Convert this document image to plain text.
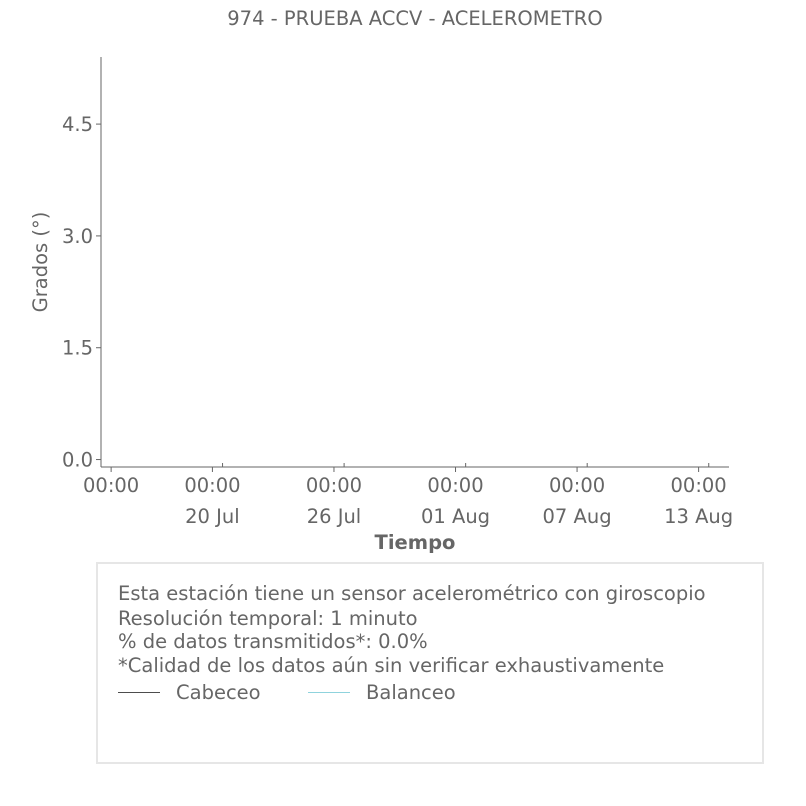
974 - PRUEBA ACCV - ACELEROMETRO
0.0
1.5
3.0
4.5
00:00 00:00
20 Jul
00:00
26 Jul
00:00
01 Aug
00:00
07 Aug
00:00
13 Aug
Grados (°)
Tiempo
Esta estación tiene un sensor acelerométrico con giroscopio
Resolución temporal: 1 minuto
% de datos transmitidos*: 0.0%
*Calidad de los datos aún sin verificar exhaustivamente
Cabeceo	Balanceo
